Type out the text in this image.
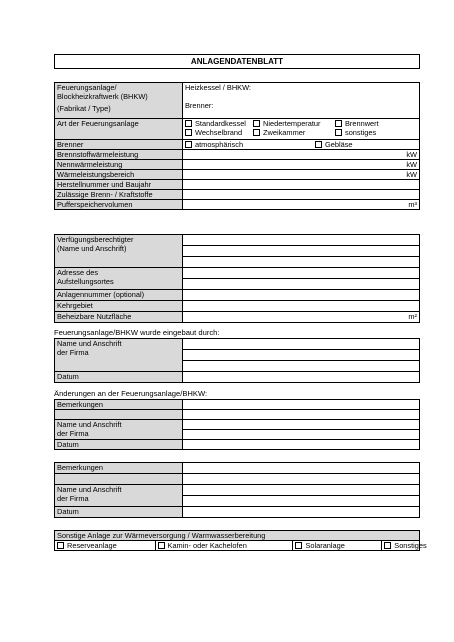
ANLAGENDATENBLATT
Feuerungsanlage/
Blockheizkraftwerk (BHKW)
(Fabrikat / Type)	Heizkessel / BHKW:
Brenner:

Art der Feuerungsanlage	Standardkessel Niedertemperatur Brennwert
Wechselbrand Zweikammer sonstiges

Brenner	atmosphärisch Gebläse
Brennstoffwärmeleistung	kW
Nennwärmeleistung	kW
Wärmeleistungsbereich	kW
Herstellnummer und Baujahr	
Zulässige Brenn- / Kraftstoffe	
Pufferspeichervolumen	m³
Verfügungsberechtigter
(Name und Anschrift)	

Adresse des
Aufstellungsortes	

Anlagennummer (optional)	
Kehrgebiet	
Beheizbare Nutzfläche	m²
Feuerungsanlage/BHKW wurde eingebaut durch:
Name und Anschrift
der Firma	

Datum	
Änderungen an der Feuerungsanlage/BHKW:
Bemerkungen	

Name und Anschrift
der Firma	

Datum	
Bemerkungen	

Name und Anschrift
der Firma	

Datum	
Sonstige Anlage zur Wärmeversorgung / Warmwasserbereitung
Reserveanlage	Kamin- oder Kachelofen	Solaranlage	Sonstiges
